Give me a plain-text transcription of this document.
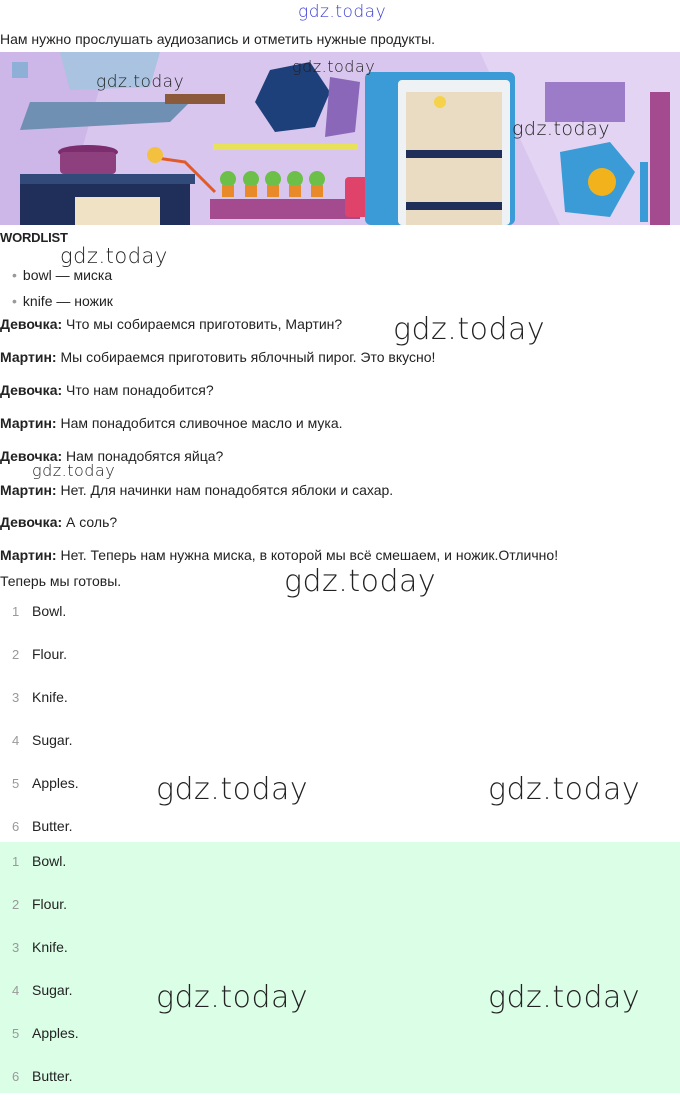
gdz.today
Нам нужно прослушать аудиозапись и отметить нужные продукты.
WORDLIST
• bowl — миска
• knife — ножик
Девочка: Что мы собираемся приготовить, Мартин?
Мартин: Мы собираемся приготовить яблочный пирог. Это вкусно!
Девочка: Что нам понадобится?
Мартин: Нам понадобится сливочное масло и мука.
Девочка: Нам понадобятся яйца?
Мартин: Нет. Для начинки нам понадобятся яблоки и сахар.
Девочка: А соль?
Мартин: Нет. Теперь нам нужна миска, в которой мы всё смешаем, и ножик.Отлично!
Теперь мы готовы.
1 Bowl.
2 Flour.
3 Knife.
4 Sugar.
5 Apples.
6 Butter.
1 Bowl.
2 Flour.
3 Knife.
4 Sugar.
5 Apples.
6 Butter.
gdz.today
gdz.today
gdz.today
gdz.today
gdz.today
gdz.today
gdz.today
gdz.today	gdz.today
gdz.today	gdz.today
